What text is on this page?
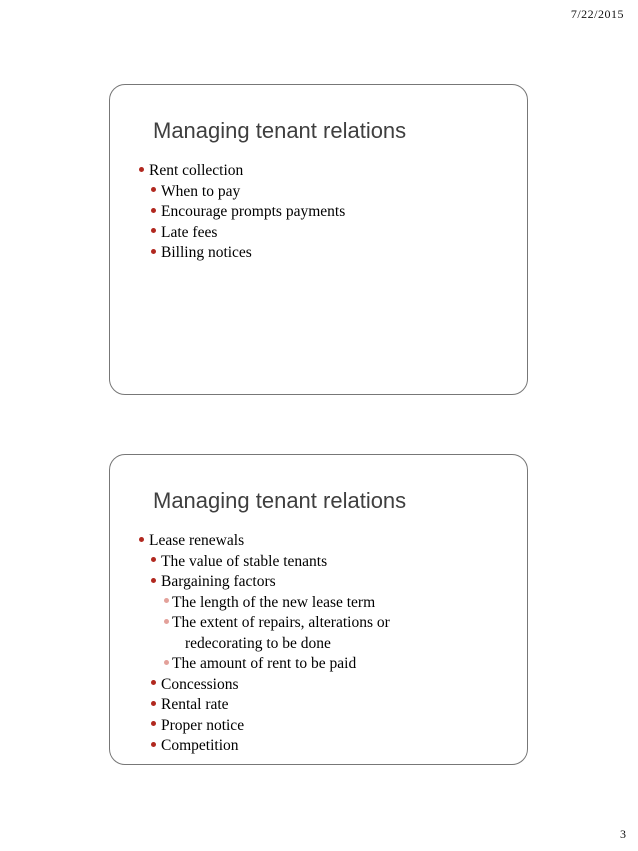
7/22/2015
Managing tenant relations
Rent collection
When to pay
Encourage prompts payments
Late fees
Billing notices
Managing tenant relations
Lease renewals
The value of stable tenants
Bargaining factors
The length of the new lease term
The extent of repairs, alterations or
redecorating to be done
The amount of rent to be paid
Concessions
Rental rate
Proper notice
Competition
3
